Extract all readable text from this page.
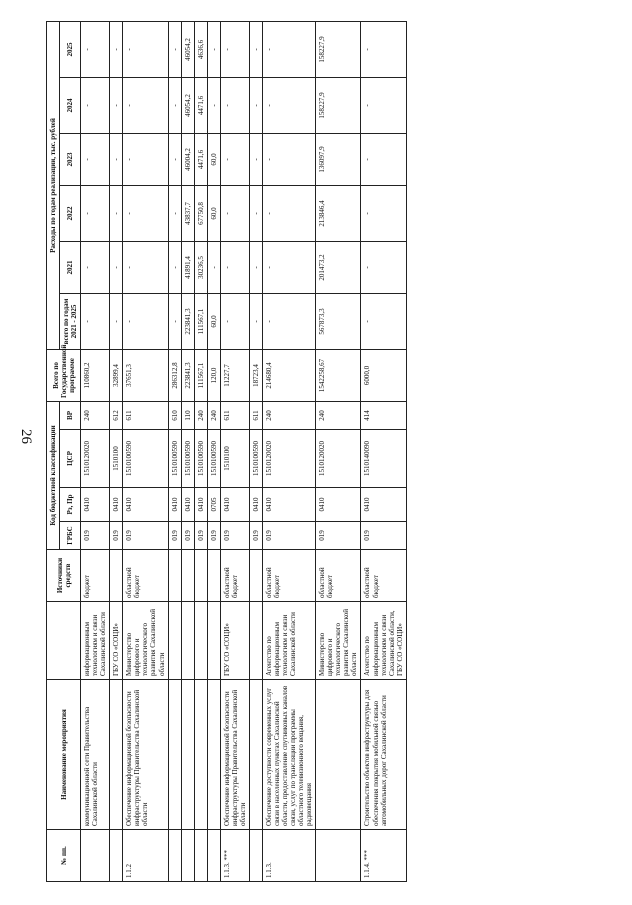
26
№ пп.	Наименование мероприятия		Источники средств	Код бюджетной классификации				Всего по Государственной программе	Расходы по годам реализации, тыс. рублей					
				ГРБС	Рз, Пр	ЦСР	ВР		всего по годам 2021 - 2025	2021	2022	2023	2024	2025
	коммуникационной сети Правительства Сахалинской области	информационным технологиям и связи Сахалинской области	бюджет	019	0410	1510120020	240	110860,2	-	-	-	-	-	-
		ГБУ СО «СОЦИ»		019	0410	1510100	612	32899,4	-	-	-	-	-	-
1.1.2	Обеспечение информационной безопасности инфраструктуры Правительства Сахалинской области	Министерство цифрового и технологического развития Сахалинской области	областной бюджет	019	0410	1510100590	611	37651,3	-	-	-	-	-	-
				019	0410	1510100590	610	286312,8	-	-	-	-	-	-
				019	0410	1510100590	110	223841,3	223841,3	41891,4	43837,7	46004,2	46054,2	46054,2
				019	0410	1510100590	240	111567,1	111567,1	30236,5	67750,8	4471,6	4471,6	4636,6
				019	0705	1510100590	240	120,0	60,0	-	60,0	60,0	-	-
1.1.3. ***	Обеспечение информационной безопасности инфраструктуры Правительства Сахалинской области	ГБУ СО «СОЦИ»	областной бюджет	019	0410	1510100	611	11227,7	-	-	-	-	-	-
				019	0410	1510100590	611	18723,4	-	-	-	-	-	-
1.1.3.	Обеспечение доступности современных услуг связи в населенных пунктах Сахалинской области, предоставление спутниковых каналов связи, услуг по трансляции программы областного телевизионного вещания, радиовещания	Агентство по информационным технологиям и связи Сахалинской области	областной бюджет	019	0410	1510120020	240	214680,4	-	-	-	-	-	-
		Министерство цифрового и технологического развития Сахалинской области	областной бюджет	019	0410	1510120020	240	1542258,67	567873,3	201473,2	213846,4	136097,9	158227,9	158227,9
1.1.4. ***	Строительство объектов инфраструктуры для обеспечения покрытия мобильной связью автомобильных дорог Сахалинской области	Агентство по информационным технологиям и связи Сахалинской области, ГБУ СО «СОЦИ»	областной бюджет	019	0410	1510140090	414	6000,0	-	-	-	-	-	-
